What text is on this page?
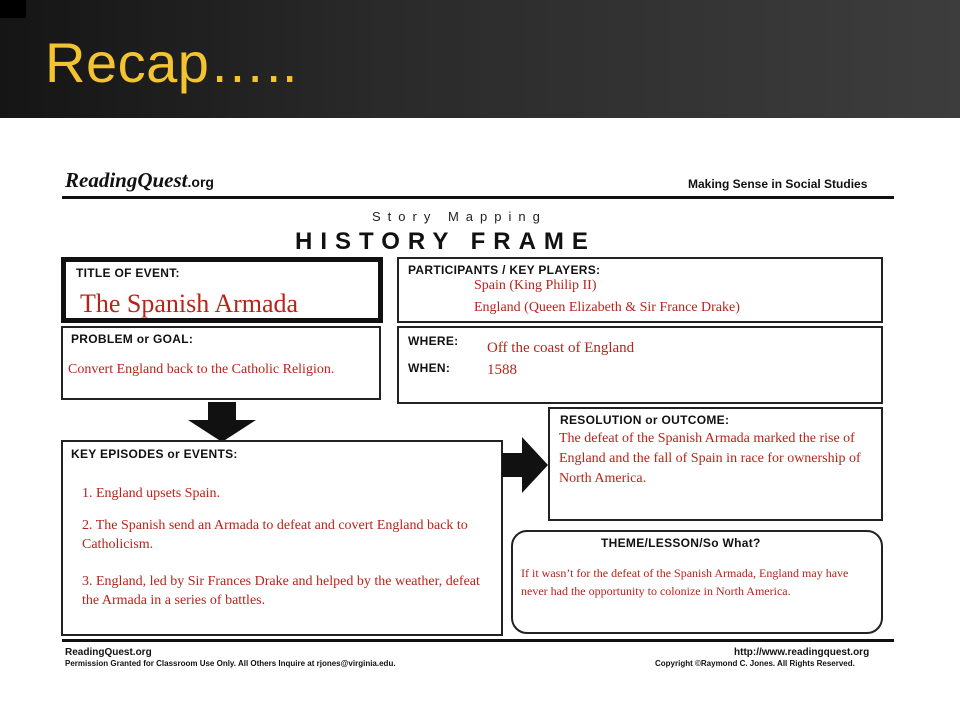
Recap…..
ReadingQuest.org	Making Sense in Social Studies
Story Mapping
HISTORY FRAME
TITLE OF EVENT:
The Spanish Armada
PARTICIPANTS / KEY PLAYERS:
Spain (King Philip II)
England (Queen Elizabeth & Sir France Drake)
PROBLEM or GOAL:
Convert England back to the Catholic Religion.
WHERE:
WHEN:
Off the coast of England
1588
KEY EPISODES or EVENTS:
1. England upsets Spain.
2. The Spanish send an Armada to defeat and covert England back to Catholicism.
3. England, led by Sir Frances Drake and helped by the weather, defeat the Armada in a series of battles.
RESOLUTION or OUTCOME:
The defeat of the Spanish Armada marked the rise of England and the fall of Spain in race for ownership of North America.
THEME/LESSON/So What?
If it wasn’t for the defeat of the Spanish Armada, England may have never had the opportunity to colonize in North America.
ReadingQuest.org
Permission Granted for Classroom Use Only. All Others Inquire at rjones@virginia.edu.
http://www.readingquest.org
Copyright ©Raymond C. Jones. All Rights Reserved.
